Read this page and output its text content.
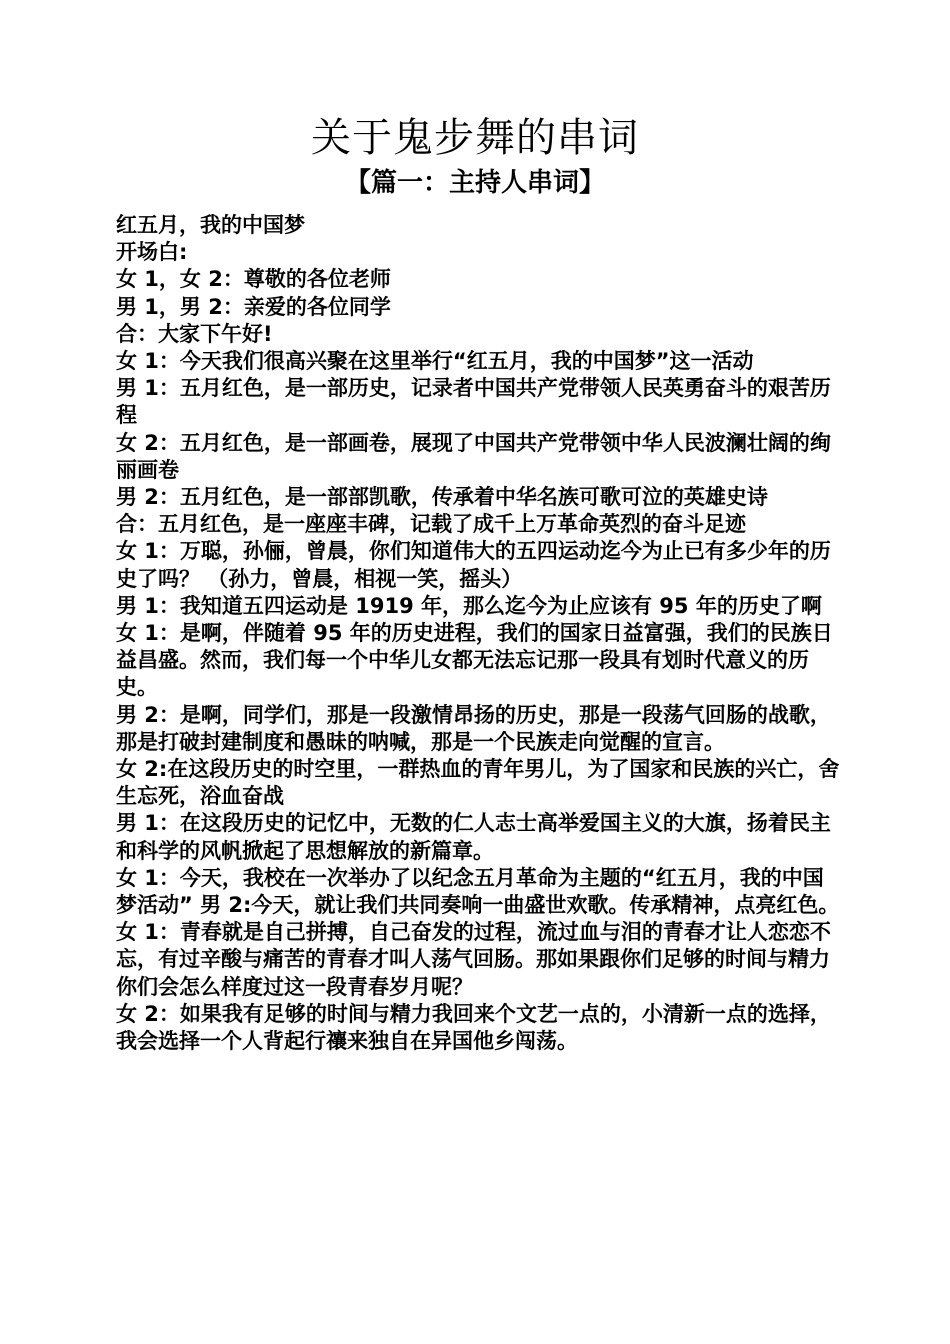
关于鬼步舞的串词
【篇一：主持人串词】

红五月，我的中国梦

开场白:

女 1，女 2：尊敬的各位老师

男 1，男 2：亲爱的各位同学

合：大家下午好!

女 1：今天我们很高兴聚在这里举行“红五月，我的中国梦”这一活动

男 1：五月红色，是一部历史，记录者中国共产党带领人民英勇奋斗的艰苦历程

女 2：五月红色，是一部画卷，展现了中国共产党带领中华人民波澜壮阔的绚丽画卷

男 2：五月红色，是一部部凯歌，传承着中华名族可歌可泣的英雄史诗

合：五月红色，是一座座丰碑，记载了成千上万革命英烈的奋斗足迹

女 1：万聪，孙俪，曾晨，你们知道伟大的五四运动迄今为止已有多少年的历史了吗？ （孙力，曾晨，相视一笑，摇头）

男 1：我知道五四运动是 1919 年，那么迄今为止应该有 95 年的历史了啊

女 1：是啊，伴随着 95 年的历史进程，我们的国家日益富强，我们的民族日益昌盛。然而，我们每一个中华儿女都无法忘记那一段具有划时代意义的历史。

男 2：是啊，同学们，那是一段激情昂扬的历史，那是一段荡气回肠的战歌，那是打破封建制度和愚昧的呐喊，那是一个民族走向觉醒的宣言。

女 2:在这段历史的时空里，一群热血的青年男儿，为了国家和民族的兴亡，舍生忘死，浴血奋战

男 1：在这段历史的记忆中，无数的仁人志士高举爱国主义的大旗，扬着民主和科学的风帆掀起了思想解放的新篇章。

女 1：今天，我校在一次举办了以纪念五月革命为主题的“红五月，我的中国梦活动” 男 2:今天，就让我们共同奏响一曲盛世欢歌。传承精神，点亮红色。

女 1：青春就是自己拼搏，自己奋发的过程，流过血与泪的青春才让人恋恋不忘，有过辛酸与痛苦的青春才叫人荡气回肠。那如果跟你们足够的时间与精力你们会怎么样度过这一段青春岁月呢？

女 2：如果我有足够的时间与精力我回来个文艺一点的，小清新一点的选择，我会选择一个人背起行禳来独自在异国他乡闯荡。
